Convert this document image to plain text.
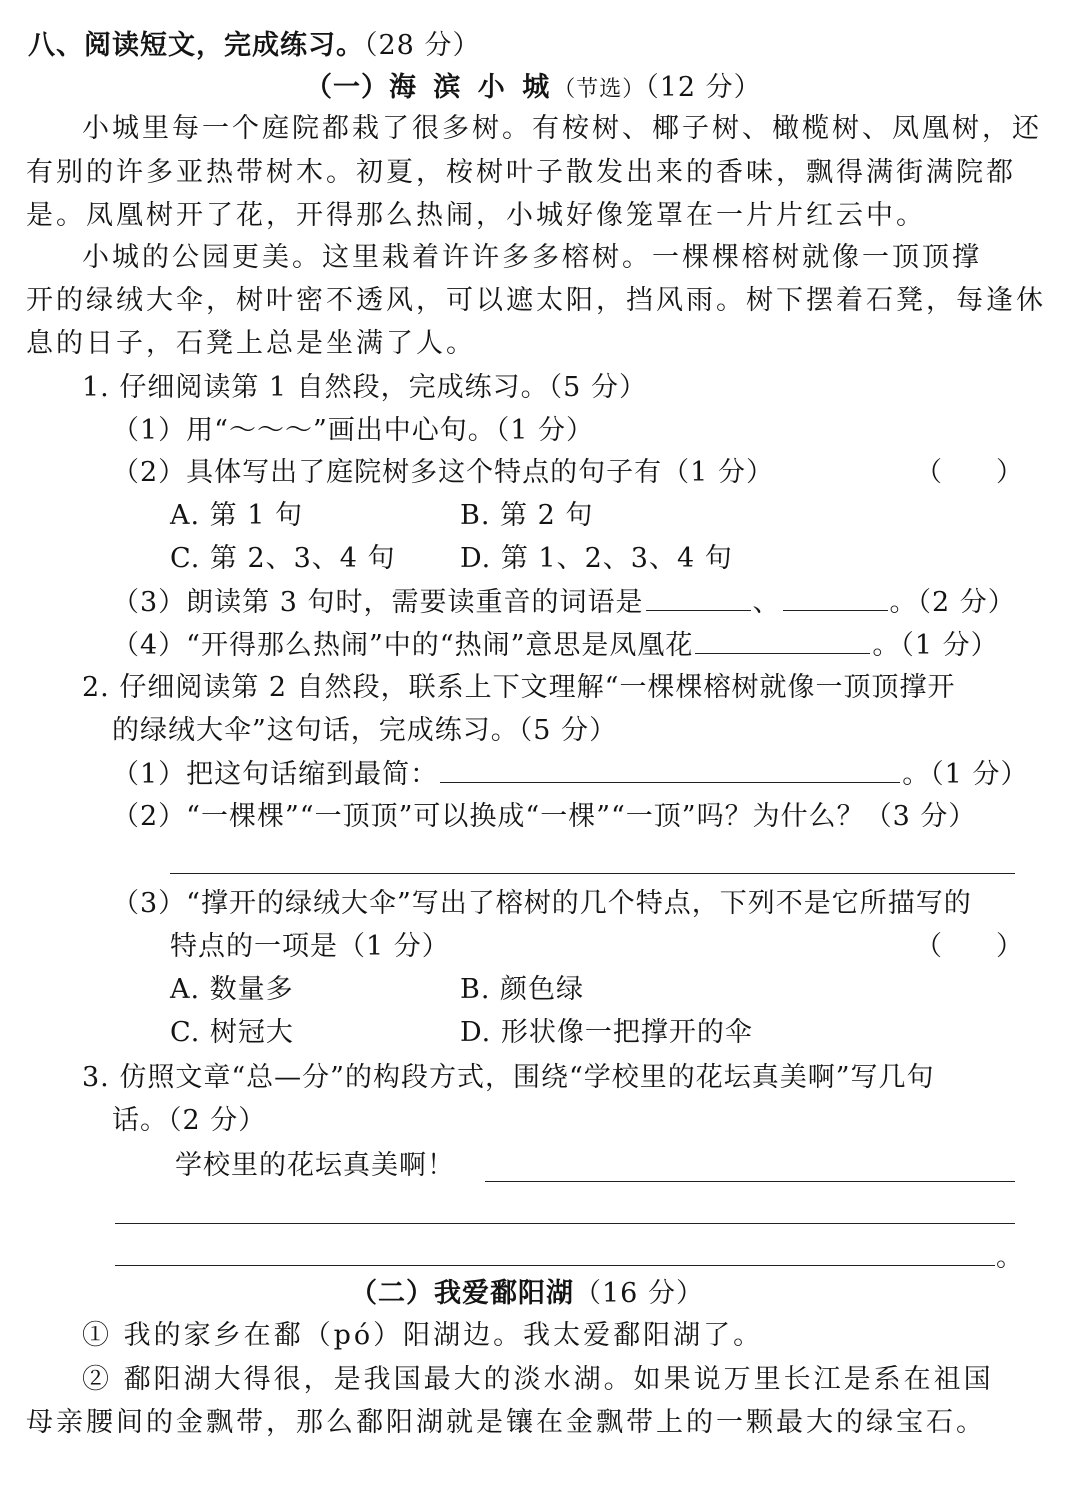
八、阅读短文，完成练习。（28 分）
（一）海 滨 小 城（节选）（12 分）
小城里每一个庭院都栽了很多树。有桉树、椰子树、橄榄树、凤凰树，还
有别的许多亚热带树木。初夏，桉树叶子散发出来的香味，飘得满街满院都
是。凤凰树开了花，开得那么热闹，小城好像笼罩在一片片红云中。
小城的公园更美。这里栽着许许多多榕树。一棵棵榕树就像一顶顶撑
开的绿绒大伞，树叶密不透风，可以遮太阳，挡风雨。树下摆着石凳，每逢休
息的日子，石凳上总是坐满了人。
1. 仔细阅读第 1 自然段，完成练习。（5 分）
（1）用“～～～”画出中心句。（1 分）
（2）具体写出了庭院树多这个特点的句子有（1 分）	（　　）
A. 第 1 句	B. 第 2 句
C. 第 2、3、4 句 D. 第 1、2、3、4 句
（3）朗读第 3 句时，需要读重音的词语是	、	。（2 分）
（4）“开得那么热闹”中的“热闹”意思是凤凰花	。（1 分）
2. 仔细阅读第 2 自然段，联系上下文理解“一棵棵榕树就像一顶顶撑开
的绿绒大伞”这句话，完成练习。（5 分）
（1）把这句话缩到最简：	。（1 分）
（2）“一棵棵”“一顶顶”可以换成“一棵”“一顶”吗？为什么？（3 分）
（3）“撑开的绿绒大伞”写出了榕树的几个特点，下列不是它所描写的
特点的一项是（1 分）	（　　）
A. 数量多	B. 颜色绿
C. 树冠大	D. 形状像一把撑开的伞
3. 仿照文章“总—分”的构段方式，围绕“学校里的花坛真美啊”写几句
话。（2 分）
学校里的花坛真美啊！
。
（二）我爱鄱阳湖（16 分）
① 我的家乡在鄱（pó）阳湖边。我太爱鄱阳湖了。
② 鄱阳湖大得很，是我国最大的淡水湖。如果说万里长江是系在祖国
母亲腰间的金飘带，那么鄱阳湖就是镶在金飘带上的一颗最大的绿宝石。
